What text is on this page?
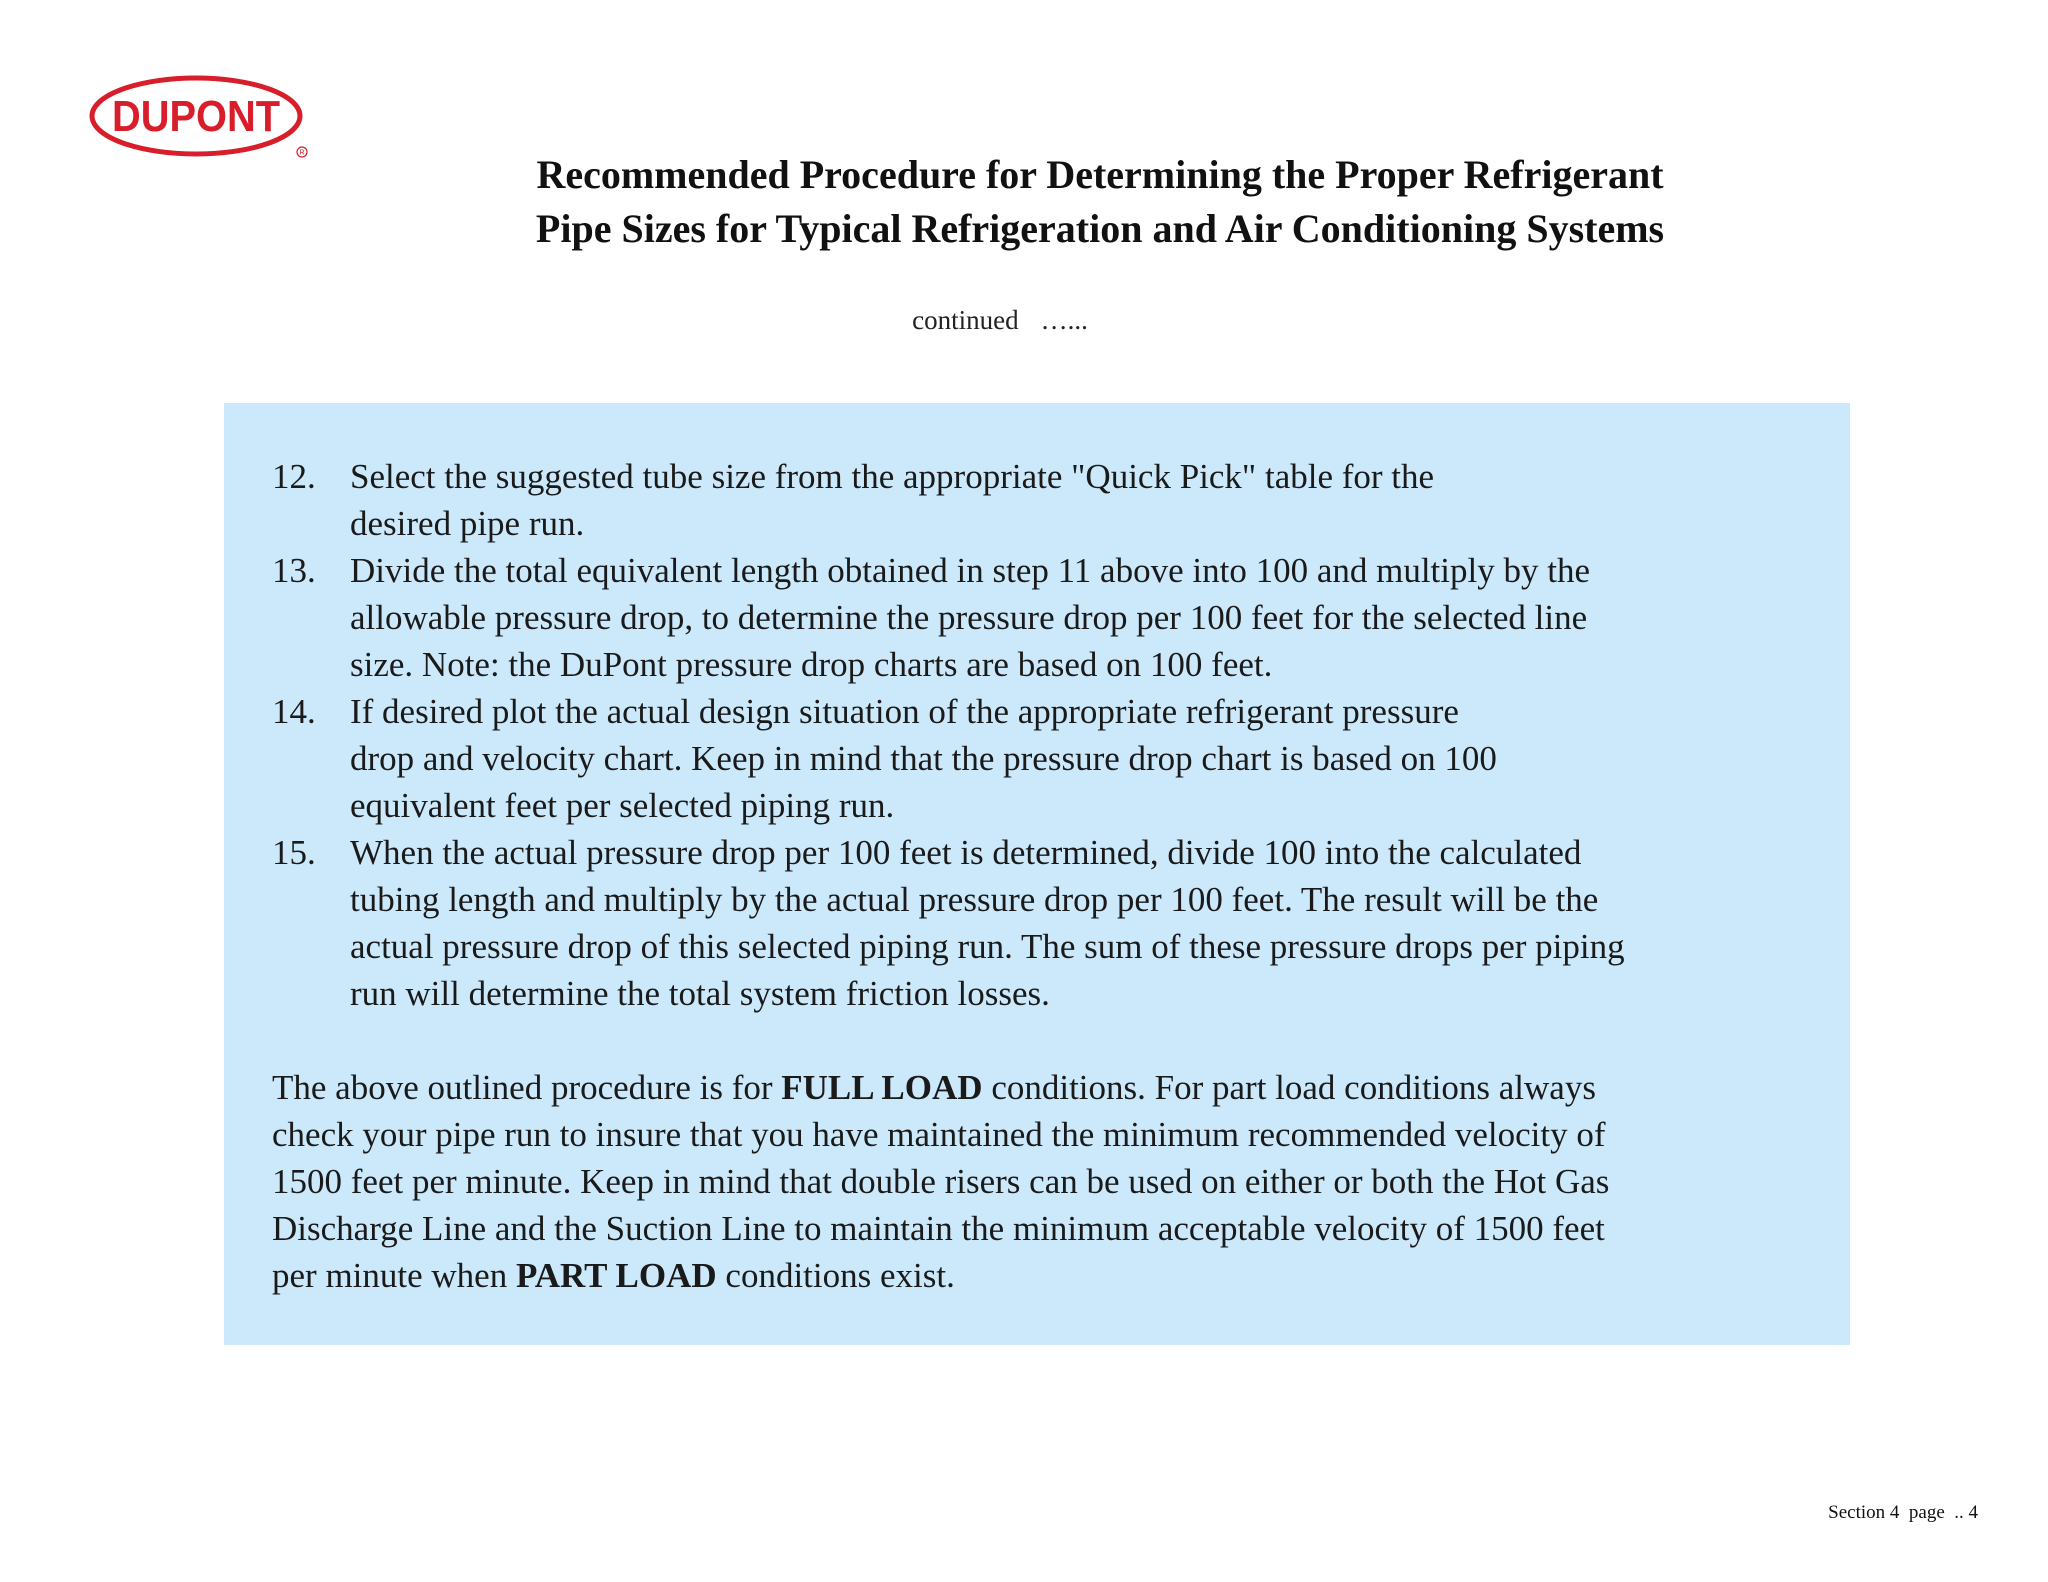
DUPONT
R	Recommended Procedure for Determining the Proper Refrigerant
Pipe Sizes for Typical Refrigeration and Air Conditioning Systems
continued …...
12. Select the suggested tube size from the appropriate "Quick Pick" table for the
desired pipe run.
13. Divide the total equivalent length obtained in step 11 above into 100 and multiply by the
allowable pressure drop, to determine the pressure drop per 100 feet for the selected line
size. Note: the DuPont pressure drop charts are based on 100 feet.
14. If desired plot the actual design situation of the appropriate refrigerant pressure
drop and velocity chart. Keep in mind that the pressure drop chart is based on 100
equivalent feet per selected piping run.
15. When the actual pressure drop per 100 feet is determined, divide 100 into the calculated
tubing length and multiply by the actual pressure drop per 100 feet. The result will be the
actual pressure drop of this selected piping run. The sum of these pressure drops per piping
run will determine the total system friction losses.

The above outlined procedure is for FULL LOAD conditions. For part load conditions always
check your pipe run to insure that you have maintained the minimum recommended velocity of
1500 feet per minute. Keep in mind that double risers can be used on either or both the Hot Gas
Discharge Line and the Suction Line to maintain the minimum acceptable velocity of 1500 feet
per minute when PART LOAD conditions exist.

Section 4  page  .. 4
